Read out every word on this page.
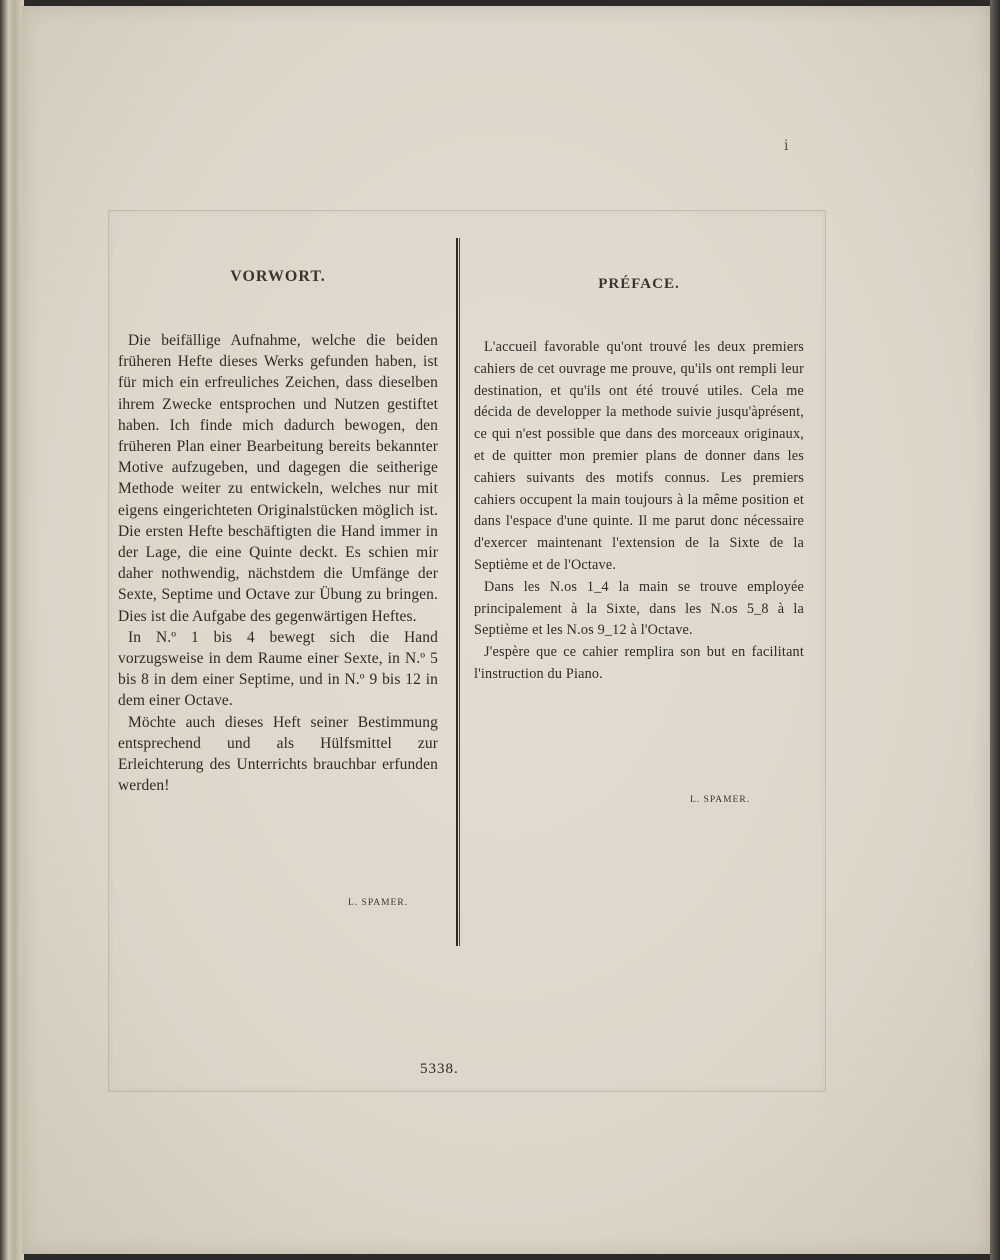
i
VORWORT.

Die beifällige Aufnahme, welche die beiden früheren Hefte dieses Werks gefunden haben, ist für mich ein erfreuliches Zeichen, dass dieselben ihrem Zwecke entsprochen und Nutzen gestiftet haben. Ich finde mich dadurch bewogen, den früheren Plan einer Bearbeitung bereits bekannter Motive aufzugeben, und dagegen die seitherige Methode weiter zu entwickeln, welches nur mit eigens eingerichteten Originalstücken möglich ist. Die ersten Hefte beschäftigten die Hand immer in der Lage, die eine Quinte deckt. Es schien mir daher nothwendig, nächstdem die Umfänge der Sexte, Septime und Octave zur Übung zu bringen. Dies ist die Aufgabe des gegenwärtigen Heftes.

In N.º 1 bis 4 bewegt sich die Hand vorzugsweise in dem Raume einer Sexte, in N.º 5 bis 8 in dem einer Septime, und in N.º 9 bis 12 in dem einer Octave.

Möchte auch dieses Heft seiner Bestimmung entsprechend und als Hülfsmittel zur Erleichterung des Unterrichts brauchbar erfunden werden!

L. SPAMER.
PRÉFACE.

L'accueil favorable qu'ont trouvé les deux premiers cahiers de cet ouvrage me prouve, qu'ils ont rempli leur destination, et qu'ils ont été trouvé utiles. Cela me décida de developper la methode suivie jusqu'àprésent, ce qui n'est possible que dans des morceaux originaux, et de quitter mon premier plans de donner dans les cahiers suivants des motifs connus. Les premiers cahiers occupent la main toujours à la même position et dans l'espace d'une quinte. Il me parut donc nécessaire d'exercer maintenant l'extension de la Sixte de la Septième et de l'Octave.

Dans les N.os 1_4 la main se trouve employée principalement à la Sixte, dans les N.os 5_8 à la Septième et les N.os 9_12 à l'Octave.

J'espère que ce cahier remplira son but en facilitant l'instruction du Piano.

L. SPAMER.
5338.
